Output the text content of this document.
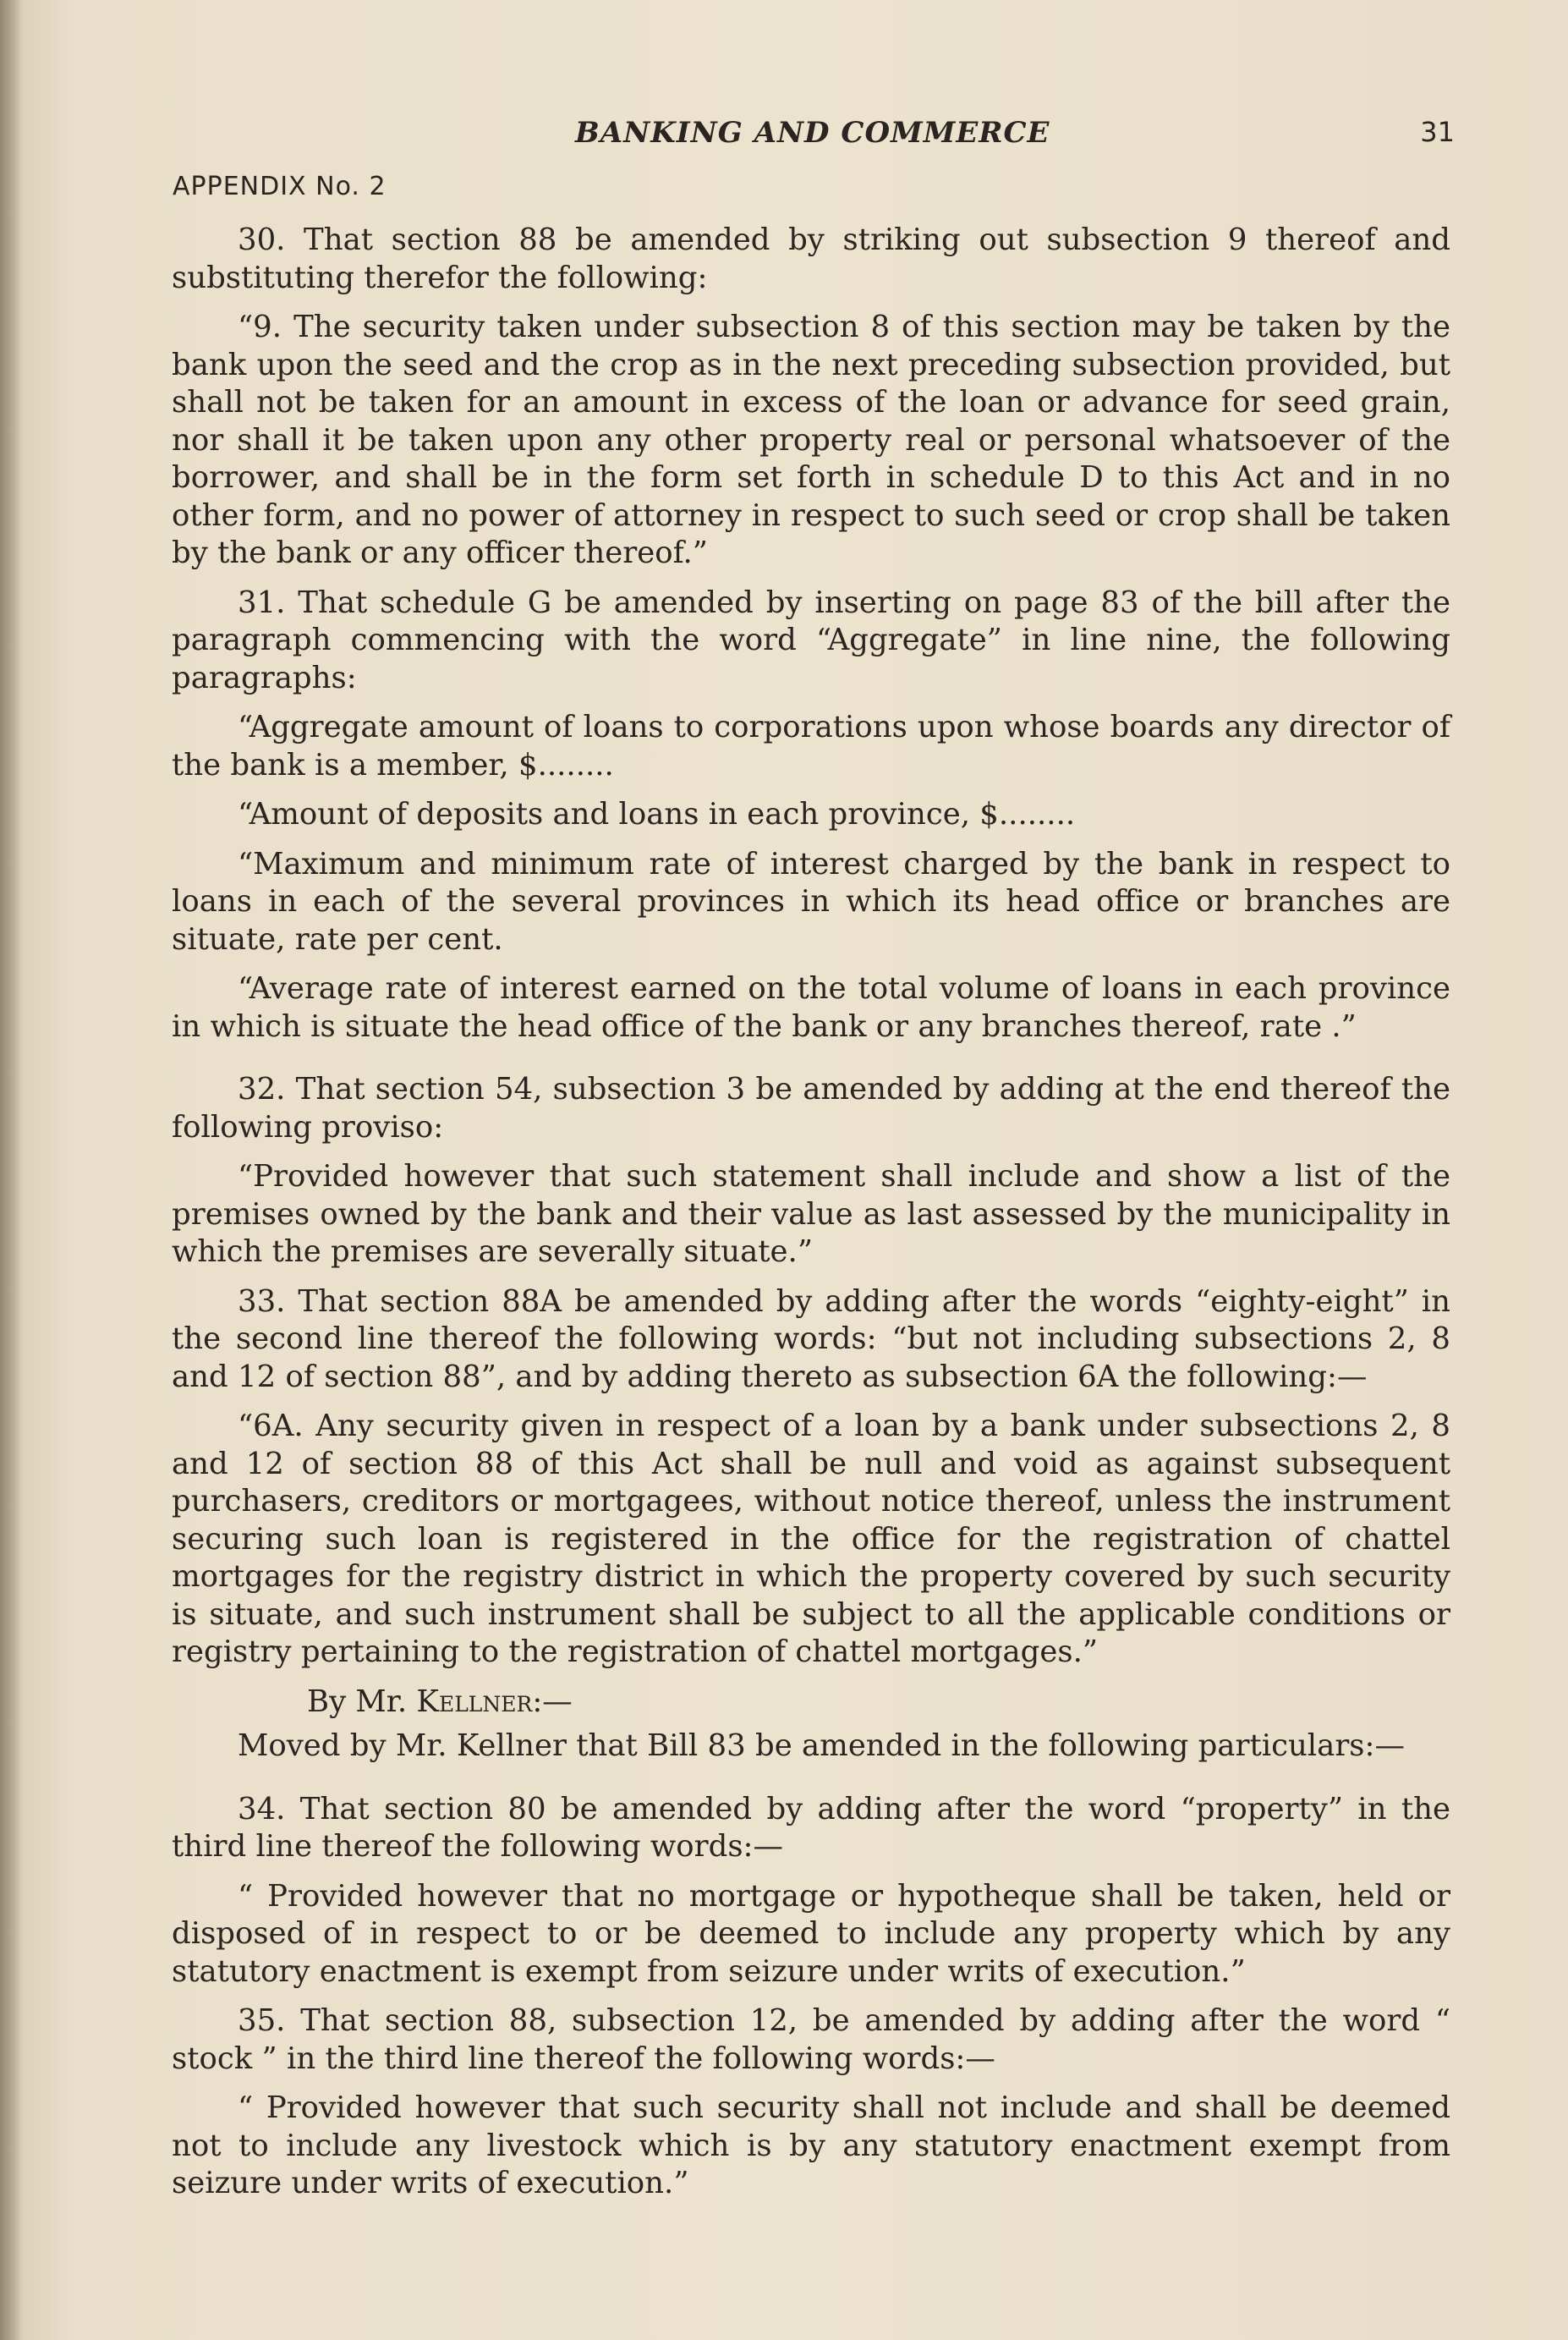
BANKING AND COMMERCE	31
APPENDIX No. 2

30. That section 88 be amended by striking out subsection 9 thereof and substituting therefor the following:

“9. The security taken under subsection 8 of this section may be taken by the bank upon the seed and the crop as in the next preceding subsection provided, but shall not be taken for an amount in excess of the loan or advance for seed grain, nor shall it be taken upon any other property real or personal whatsoever of the borrower, and shall be in the form set forth in schedule D to this Act and in no other form, and no power of attorney in respect to such seed or crop shall be taken by the bank or any officer thereof.”

31. That schedule G be amended by inserting on page 83 of the bill after the paragraph commencing with the word “Aggregate” in line nine, the following paragraphs:

“Aggregate amount of loans to corporations upon whose boards any director of the bank is a member, $........

“Amount of deposits and loans in each province, $........

“Maximum and minimum rate of interest charged by the bank in respect to loans in each of the several provinces in which its head office or branches are situate, rate per cent.

“Average rate of interest earned on the total volume of loans in each province in which is situate the head office of the bank or any branches thereof, rate .”

32. That section 54, subsection 3 be amended by adding at the end thereof the following proviso:

“Provided however that such statement shall include and show a list of the premises owned by the bank and their value as last assessed by the municipality in which the premises are severally situate.”

33. That section 88A be amended by adding after the words “eighty-eight” in the second line thereof the following words: “but not including subsections 2, 8 and 12 of section 88”, and by adding thereto as subsection 6A the following:—

“6A. Any security given in respect of a loan by a bank under subsections 2, 8 and 12 of section 88 of this Act shall be null and void as against subsequent purchasers, creditors or mortgagees, without notice thereof, unless the instrument securing such loan is registered in the office for the registration of chattel mortgages for the registry district in which the property covered by such security is situate, and such instrument shall be subject to all the applicable conditions or registry pertaining to the registration of chattel mortgages.”

By Mr. Kellner:—

Moved by Mr. Kellner that Bill 83 be amended in the following particulars:—

34. That section 80 be amended by adding after the word “property” in the third line thereof the following words:—

“ Provided however that no mortgage or hypotheque shall be taken, held or disposed of in respect to or be deemed to include any property which by any statutory enactment is exempt from seizure under writs of execution.”

35. That section 88, subsection 12, be amended by adding after the word “ stock ” in the third line thereof the following words:—

“ Provided however that such security shall not include and shall be deemed not to include any livestock which is by any statutory enactment exempt from seizure under writs of execution.”
